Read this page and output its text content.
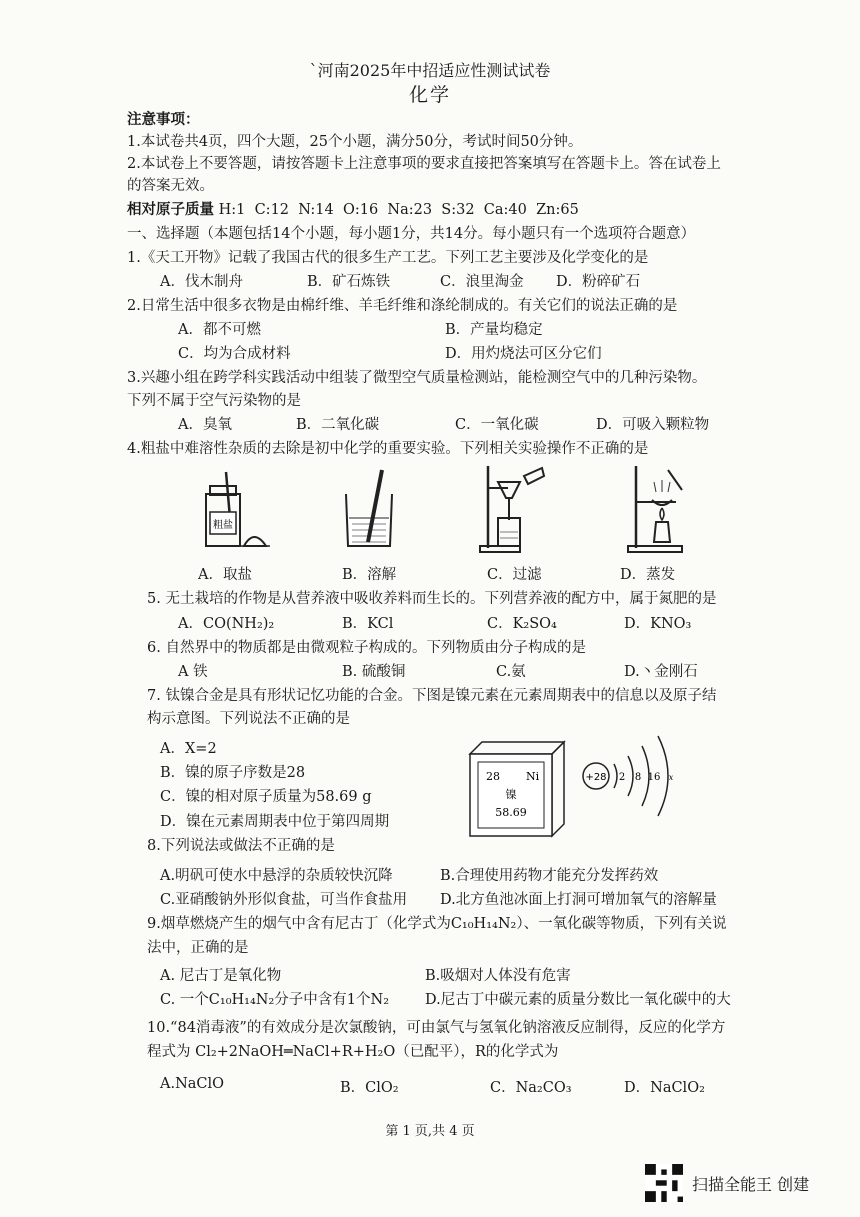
`河南2025年中招适应性测试试卷
化学
注意事项：
1.本试卷共4页，四个大题，25个小题，满分50分，考试时间50分钟。
2.本试卷上不要答题，请按答题卡上注意事项的要求直接把答案填写在答题卡上。答在试卷上
的答案无效。
相对原子质量 H:1  C:12  N:14  O:16  Na:23  S:32  Ca:40  Zn:65
一、选择题（本题包括14个小题，每小题1分，共14分。每小题只有一个选项符合题意）
1.《天工开物》记载了我国古代的很多生产工艺。下列工艺主要涉及化学变化的是
A．伐木制舟	B．矿石炼铁	C．浪里淘金 D．粉碎矿石
2.日常生活中很多衣物是由棉纤维、羊毛纤维和涤纶制成的。有关它们的说法正确的是
A．都不可燃	B．产量均稳定
C．均为合成材料	D．用灼烧法可区分它们
3.兴趣小组在跨学科实践活动中组装了微型空气质量检测站，能检测空气中的几种污染物。
下列不属于空气污染物的是
A．臭氧	B．二氧化碳	C．一氧化碳	D．可吸入颗粒物
4.粗盐中难溶性杂质的去除是初中化学的重要实验。下列相关实验操作不正确的是
粗盐
A．取盐	B．溶解	C．过滤	D．蒸发
5. 无土栽培的作物是从营养液中吸收养料而生长的。下列营养液的配方中，属于氮肥的是
A．CO(NH₂)₂	B．KCl	C．K₂SO₄	D．KNO₃
6. 自然界中的物质都是由微观粒子构成的。下列物质由分子构成的是
A 铁	B. 硫酸铜	C.氨	D.丶金刚石
7. 钛镍合金是具有形状记忆功能的合金。下图是镍元素在元素周期表中的信息以及原子结
构示意图。下列说法不正确的是
A．X=2
B．镍的原子序数是28
C．镍的相对原子质量为58.69 g
D．镍在元素周期表中位于第四周期
28 Ni
镍
58.69
+28 2 8 16 x
8.下列说法或做法不正确的是
A.明矾可使水中悬浮的杂质较快沉降	B.合理使用药物才能充分发挥药效
C.亚硝酸钠外形似食盐，可当作食盐用 D.北方鱼池冰面上打洞可增加氧气的溶解量
9.烟草燃烧产生的烟气中含有尼古丁（化学式为C₁₀H₁₄N₂）、一氧化碳等物质，下列有关说
法中，正确的是
A. 尼古丁是氧化物	B.吸烟对人体没有危害
C. 一个C₁₀H₁₄N₂分子中含有1个N₂ D.尼古丁中碳元素的质量分数比一氧化碳中的大
10.“84消毒液”的有效成分是次氯酸钠，可由氯气与氢氧化钠溶液反应制得，反应的化学方
程式为 Cl₂+2NaOH═NaCl+R+H₂O（已配平），R的化学式为
A.NaClO	B．ClO₂	C．Na₂CO₃	D．NaClO₂
第 1 页,共 4 页
扫描全能王 创建
